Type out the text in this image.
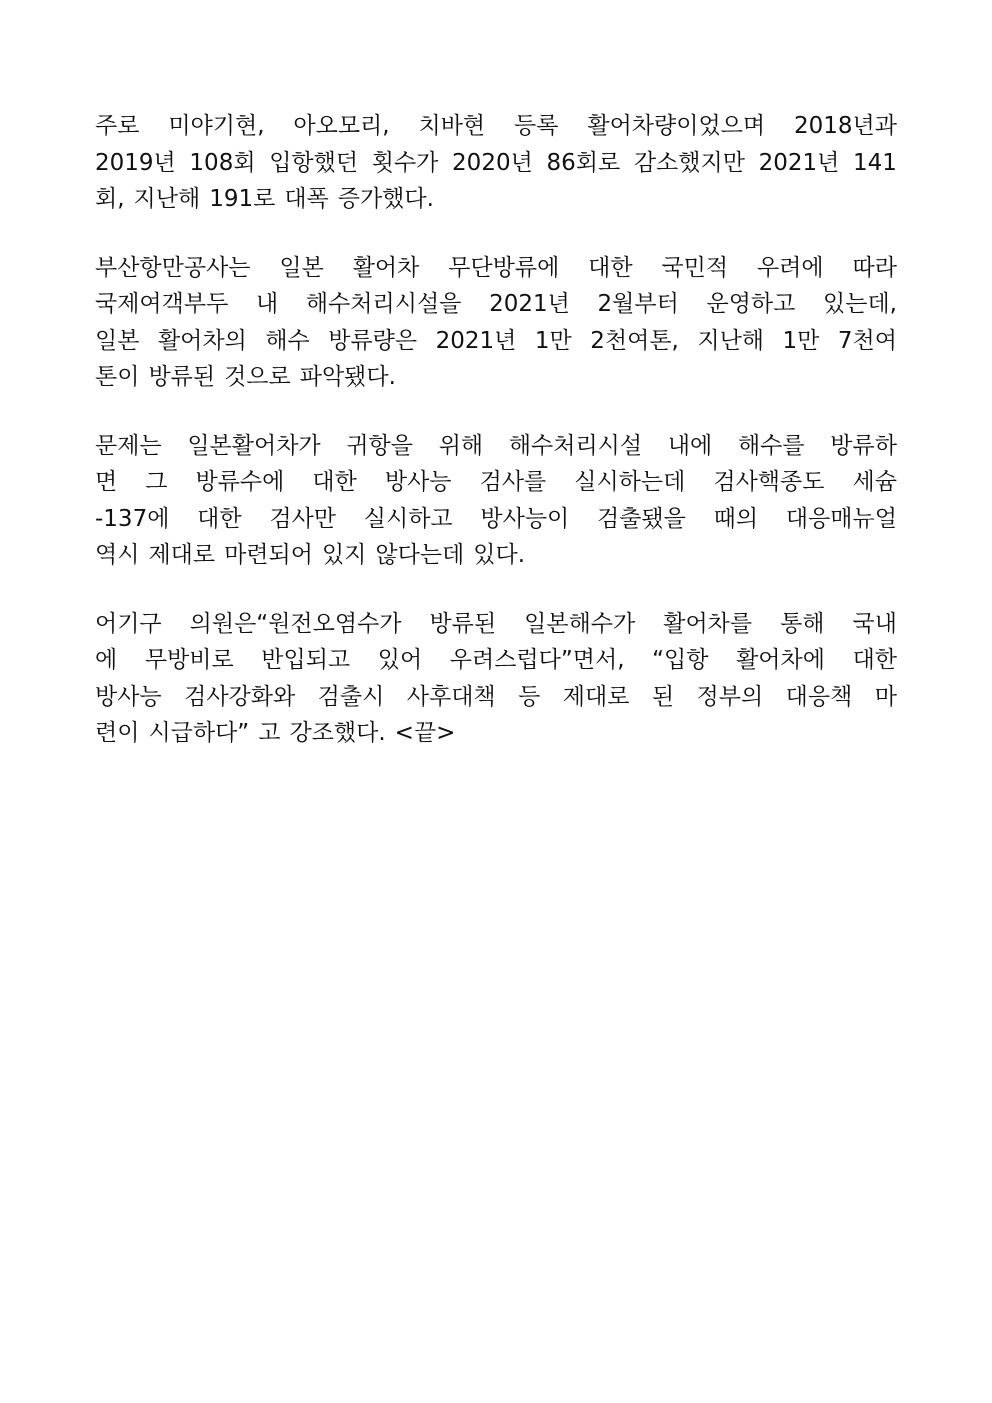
주로 미야기현, 아오모리, 치바현 등록 활어차량이었으며 2018년과
2019년 108회 입항했던 횟수가 2020년 86회로 감소했지만 2021년 141
회, 지난해 191로 대폭 증가했다.
부산항만공사는 일본 활어차 무단방류에 대한 국민적 우려에 따라
국제여객부두 내 해수처리시설을 2021년 2월부터 운영하고 있는데,
일본 활어차의 해수 방류량은 2021년 1만 2천여톤, 지난해 1만 7천여
톤이 방류된 것으로 파악됐다.
문제는 일본활어차가 귀항을 위해 해수처리시설 내에 해수를 방류하
면 그 방류수에 대한 방사능 검사를 실시하는데 검사핵종도 세슘
-137에 대한 검사만 실시하고 방사능이 검출됐을 때의 대응매뉴얼
역시 제대로 마련되어 있지 않다는데 있다.
어기구 의원은“원전오염수가 방류된 일본해수가 활어차를 통해 국내
에 무방비로 반입되고 있어 우려스럽다”면서, “입항 활어차에 대한
방사능 검사강화와 검출시 사후대책 등 제대로 된 정부의 대응책 마
련이 시급하다” 고 강조했다. <끝>
